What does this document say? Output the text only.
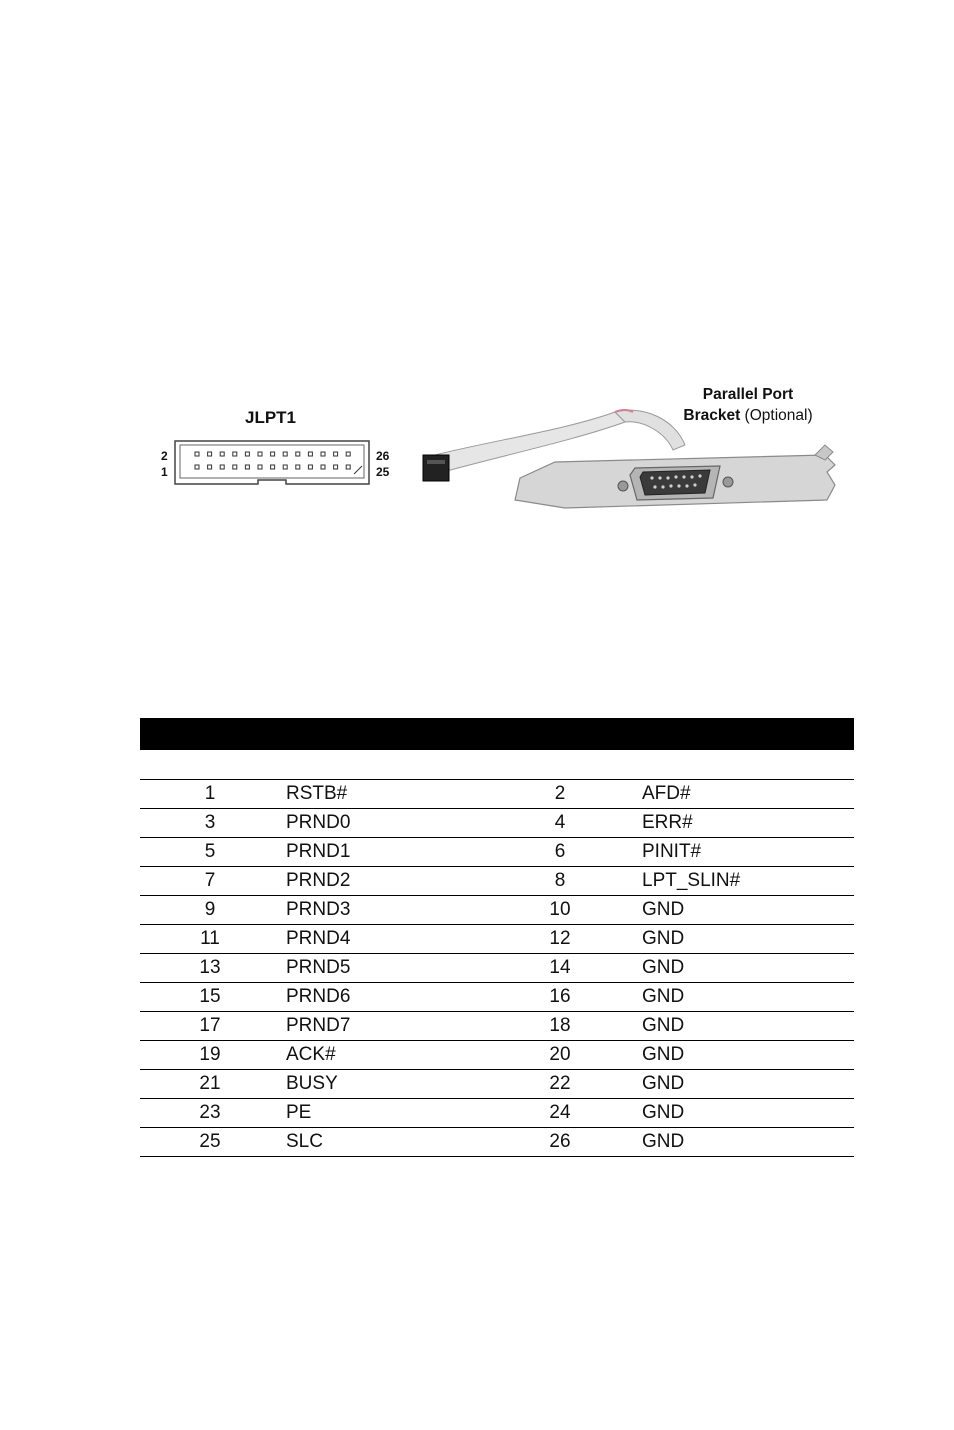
JLPT1
2
1
26
25
Parallel Port
Bracket (Optional)
1	RSTB#	2	AFD#
3	PRND0	4	ERR#
5	PRND1	6	PINIT#
7	PRND2	8	LPT_SLIN#
9	PRND3	10	GND
11	PRND4	12	GND
13	PRND5	14	GND
15	PRND6	16	GND
17	PRND7	18	GND
19	ACK#	20	GND
21	BUSY	22	GND
23	PE	24	GND
25	SLC	26	GND
